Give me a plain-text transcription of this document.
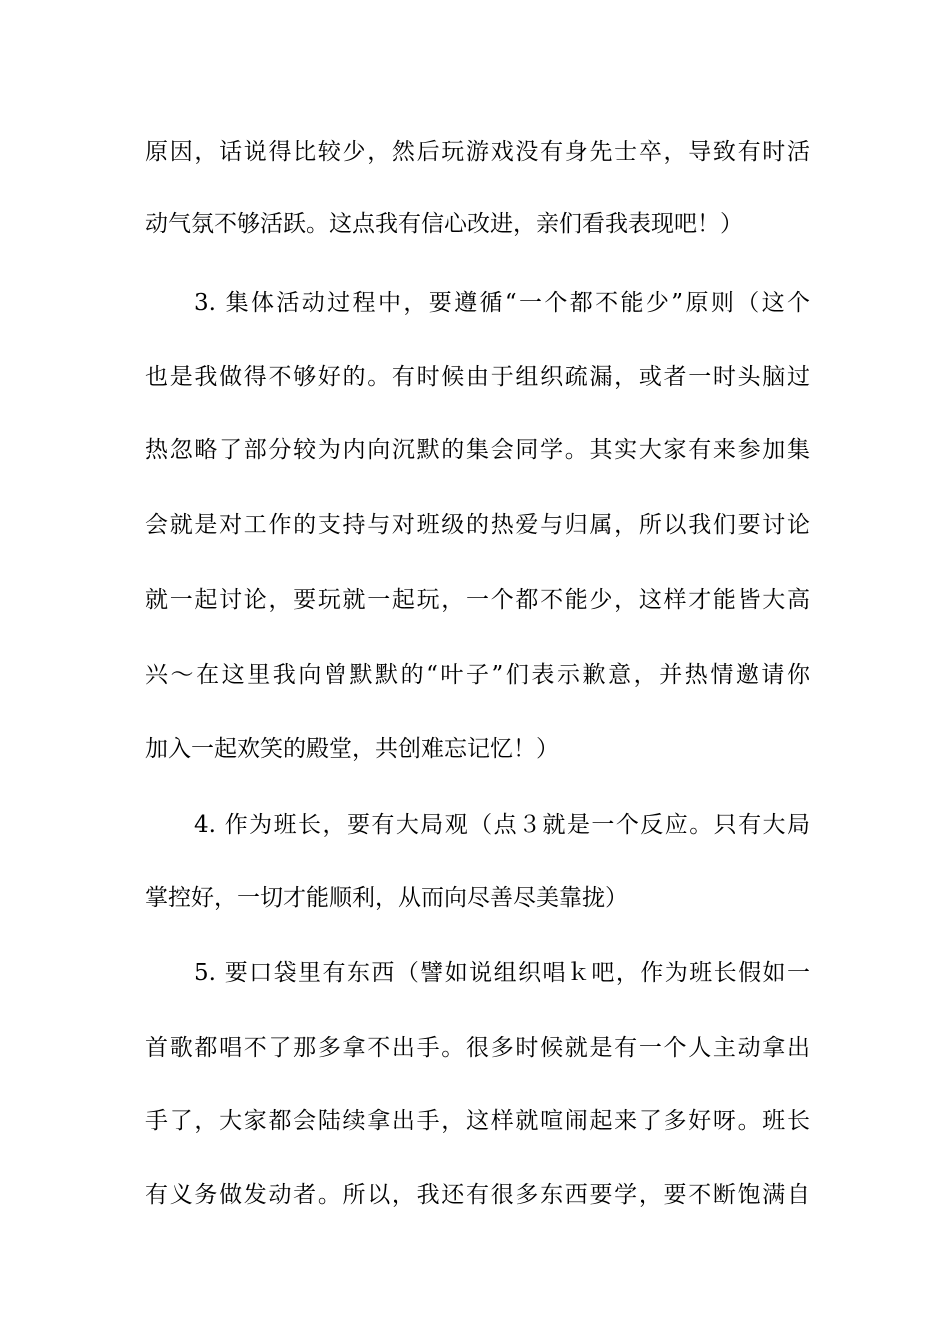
原因，话说得比较少，然后玩游戏没有身先士卒，导致有时活
动气氛不够活跃。这点我有信心改进，亲们看我表现吧！）
3. 集体活动过程中，要遵循“一个都不能少”原则（这个
也是我做得不够好的。有时候由于组织疏漏，或者一时头脑过
热忽略了部分较为内向沉默的集会同学。其实大家有来参加集
会就是对工作的支持与对班级的热爱与归属，所以我们要讨论
就一起讨论，要玩就一起玩，一个都不能少，这样才能皆大高
兴～在这里我向曾默默的“叶子”们表示歉意，并热情邀请你
加入一起欢笑的殿堂，共创难忘记忆！）
4. 作为班长，要有大局观（点３就是一个反应。只有大局
掌控好，一切才能顺利，从而向尽善尽美靠拢）
5. 要口袋里有东西（譬如说组织唱ｋ吧，作为班长假如一
首歌都唱不了那多拿不出手。很多时候就是有一个人主动拿出
手了，大家都会陆续拿出手，这样就喧闹起来了多好呀。班长
有义务做发动者。所以，我还有很多东西要学，要不断饱满自
